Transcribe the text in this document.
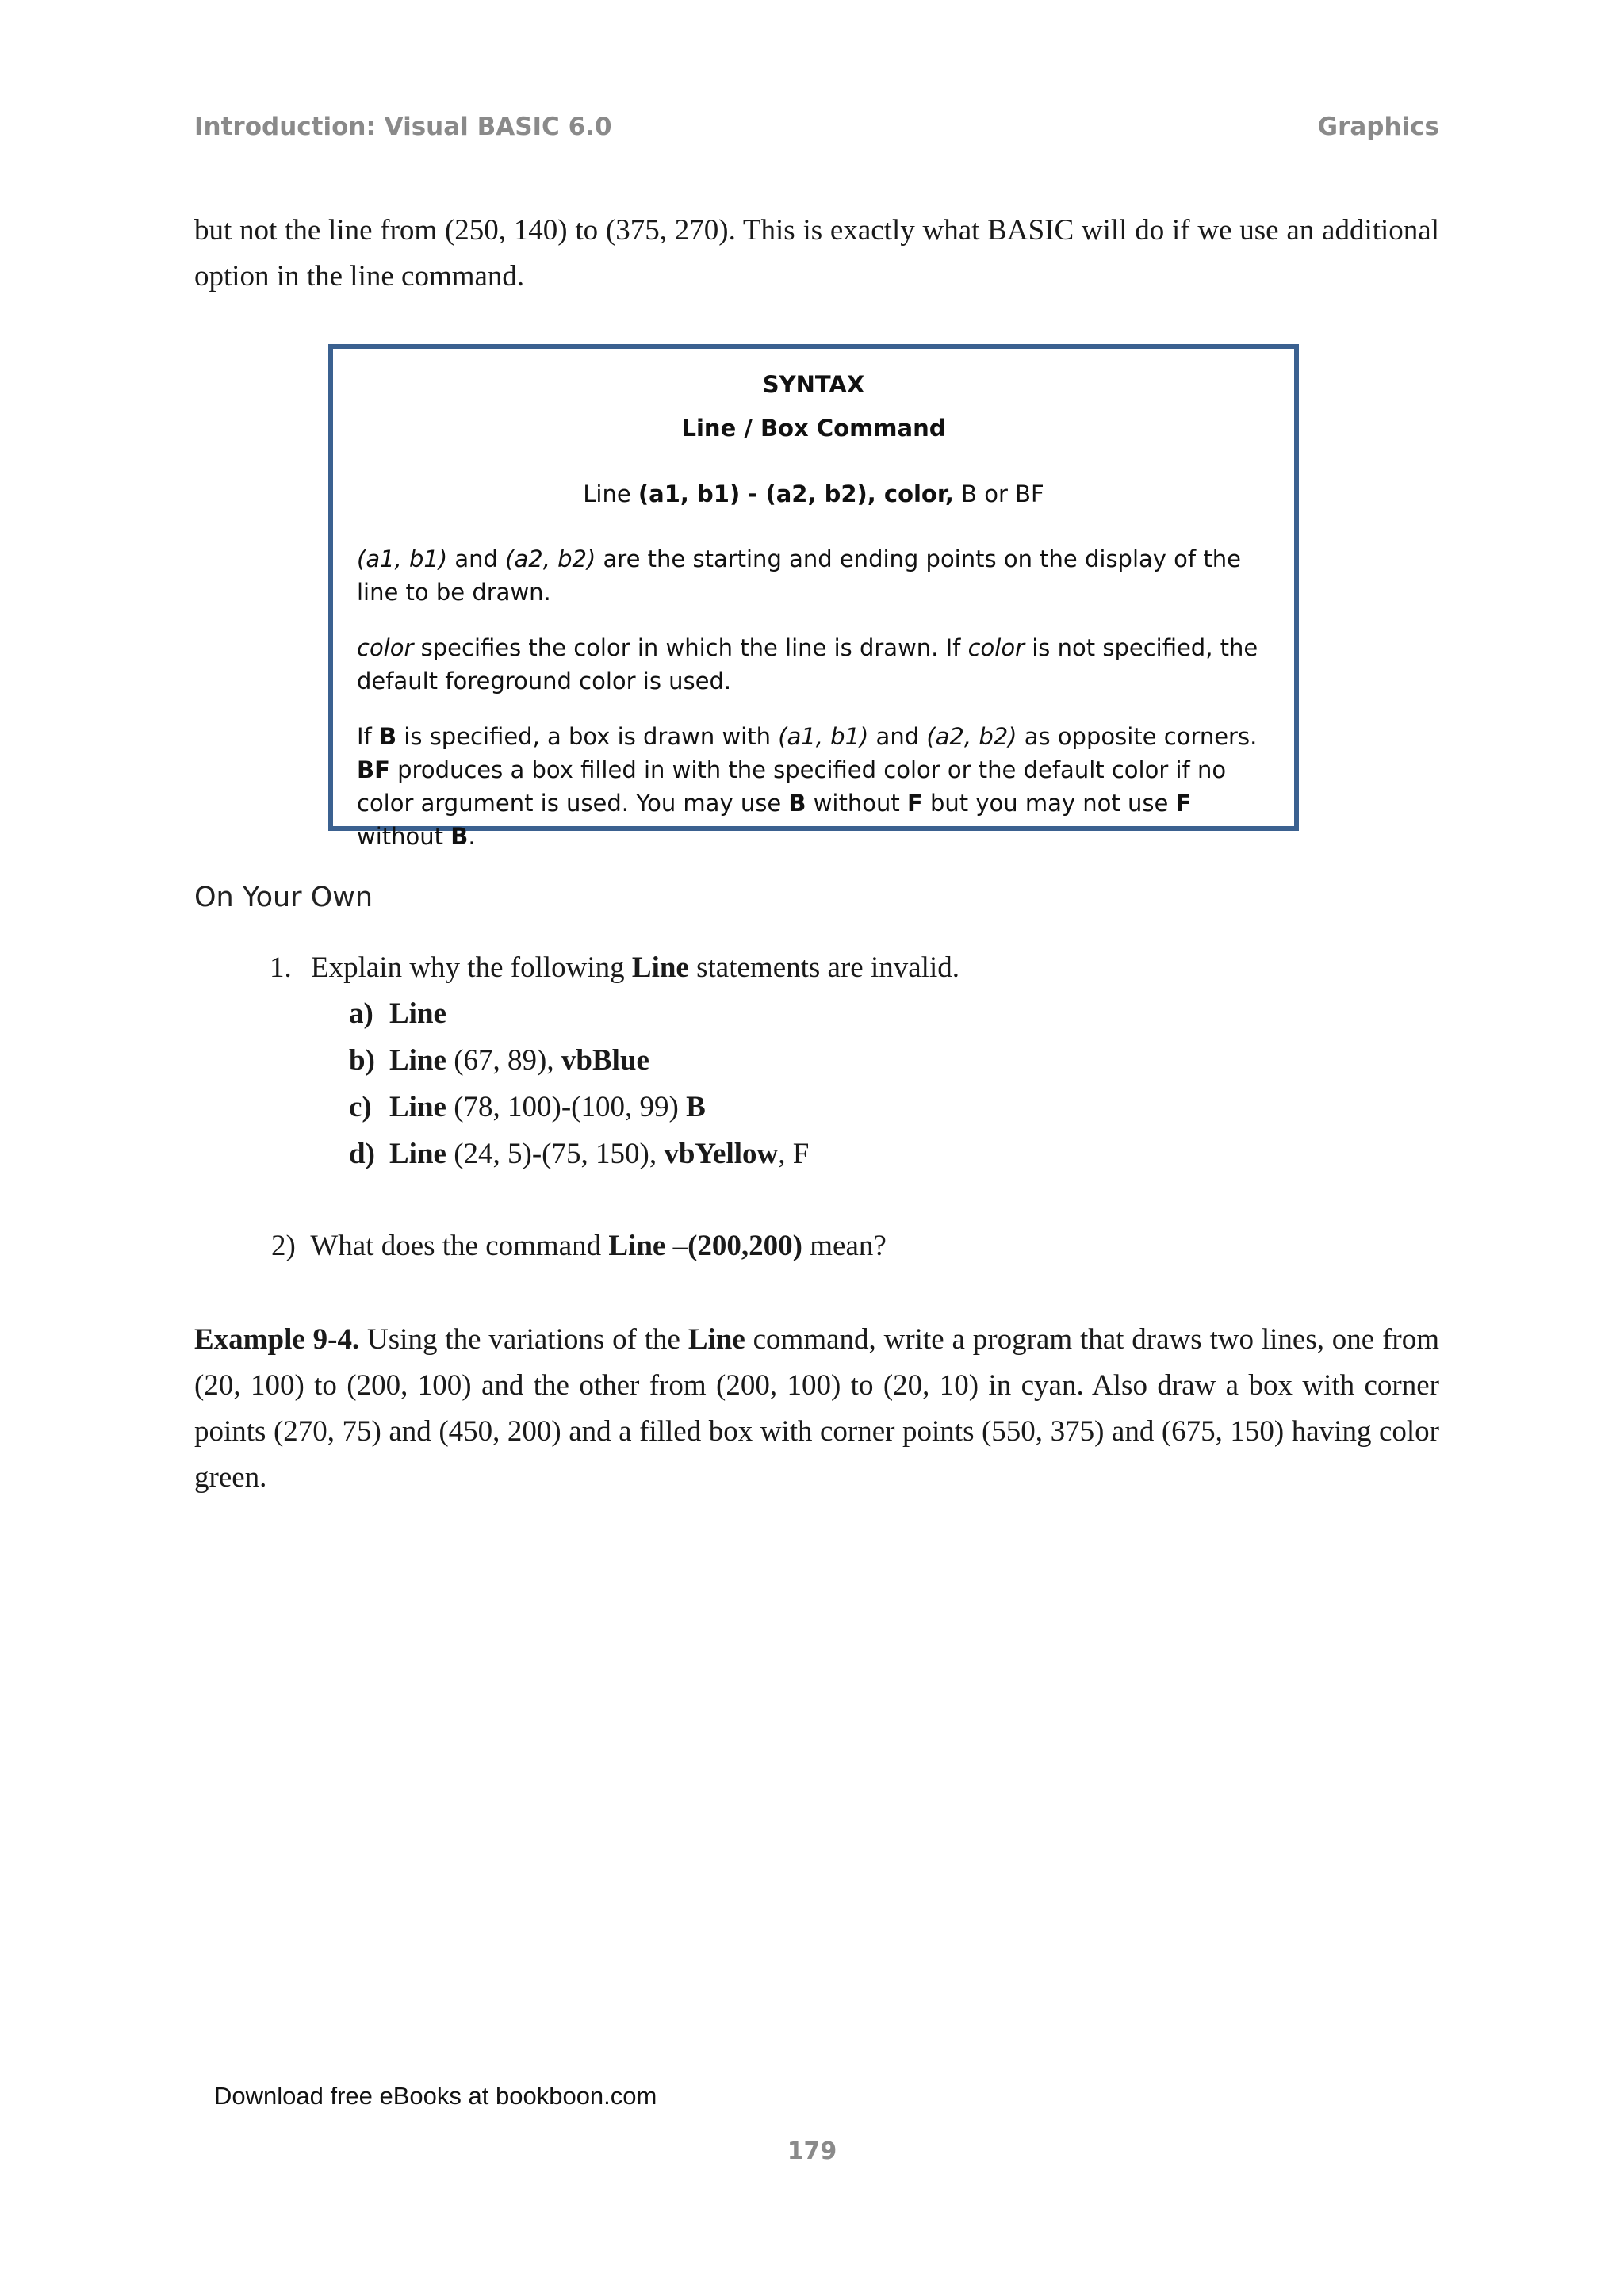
Introduction: Visual BASIC 6.0	Graphics
but not the line from (250, 140) to (375, 270). This is exactly what BASIC will do if we use an additional option in the line command.
SYNTAX
Line / Box Command
Line (a1, b1) - (a2, b2), color, B or BF
(a1, b1) and (a2, b2) are the starting and ending points on the display of the line to be drawn.
color specifies the color in which the line is drawn. If color is not specified, the default foreground color is used.
If B is specified, a box is drawn with (a1, b1) and (a2, b2) as opposite corners. BF produces a box filled in with the specified color or the default color if no color argument is used. You may use B without F but you may not use F without B.
On Your Own
1. Explain why the following Line statements are invalid.
a) Line
b) Line (67, 89), vbBlue
c) Line (78, 100)-(100, 99) B
d) Line (24, 5)-(75, 150), vbYellow, F
2) What does the command Line –(200,200) mean?
Example 9-4. Using the variations of the Line command, write a program that draws two lines, one from (20, 100) to (200, 100) and the other from (200, 100) to (20, 10) in cyan. Also draw a box with corner points (270, 75) and (450, 200) and a filled box with corner points (550, 375) and (675, 150) having color green.
Download free eBooks at bookboon.com
179
